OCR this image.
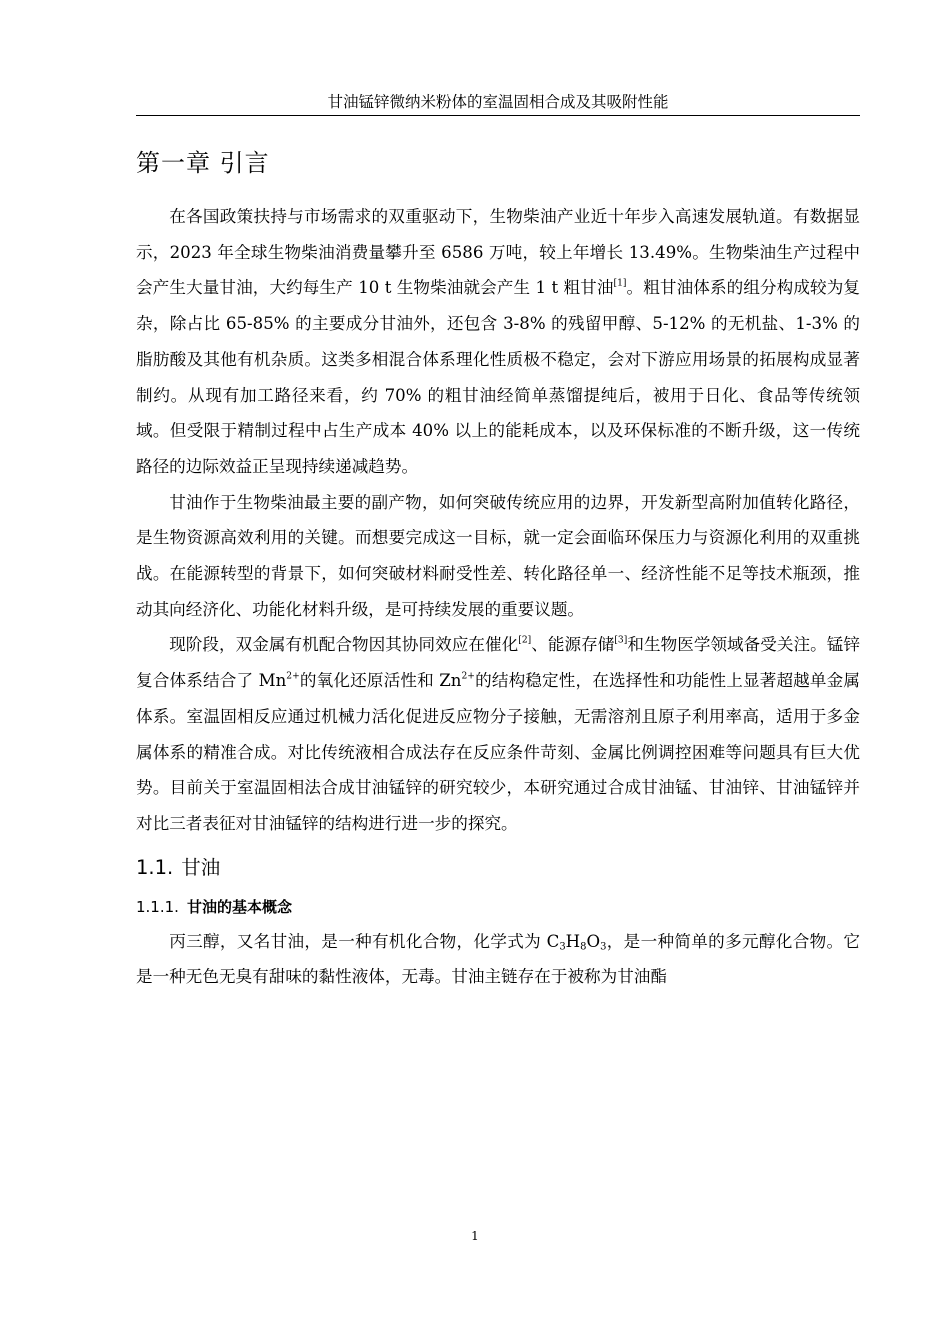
甘油锰锌微纳米粉体的室温固相合成及其吸附性能
第一章 引言

在各国政策扶持与市场需求的双重驱动下，生物柴油产业近十年步入高速发展轨道。有数据显示，2023 年全球生物柴油消费量攀升至 6586 万吨，较上年增长 13.49%。生物柴油生产过程中会产生大量甘油，大约每生产 10 t 生物柴油就会产生 1 t 粗甘油[1]。粗甘油体系的组分构成较为复杂，除占比 65-85% 的主要成分甘油外，还包含 3-8% 的残留甲醇、5-12% 的无机盐、1-3% 的脂肪酸及其他有机杂质。这类多相混合体系理化性质极不稳定，会对下游应用场景的拓展构成显著制约。从现有加工路径来看，约 70% 的粗甘油经简单蒸馏提纯后，被用于日化、食品等传统领域。但受限于精制过程中占生产成本 40% 以上的能耗成本，以及环保标准的不断升级，这一传统路径的边际效益正呈现持续递减趋势。

甘油作于生物柴油最主要的副产物，如何突破传统应用的边界，开发新型高附加值转化路径，是生物资源高效利用的关键。而想要完成这一目标，就一定会面临环保压力与资源化利用的双重挑战。在能源转型的背景下，如何突破材料耐受性差、转化路径单一、经济性能不足等技术瓶颈，推动其向经济化、功能化材料升级，是可持续发展的重要议题。

现阶段，双金属有机配合物因其协同效应在催化[2]、能源存储[3]和生物医学领域备受关注。锰锌复合体系结合了 $Mn^{2+}$的氧化还原活性和 $Zn^{2+}$的结构稳定性，在选择性和功能性上显著超越单金属体系。室温固相反应通过机械力活化促进反应物分子接触，无需溶剂且原子利用率高，适用于多金属体系的精准合成。对比传统液相合成法存在反应条件苛刻、金属比例调控困难等问题具有巨大优势。目前关于室温固相法合成甘油锰锌的研究较少，本研究通过合成甘油锰、甘油锌、甘油锰锌并对比三者表征对甘油锰锌的结构进行进一步的探究。

1.1. 甘油
1.1.1. 甘油的基本概念

丙三醇，又名甘油，是一种有机化合物，化学式为 $C_3H_8O_3$，是一种简单的多元醇化合物。它是一种无色无臭有甜味的黏性液体，无毒。甘油主链存在于被称为甘油酯

1
